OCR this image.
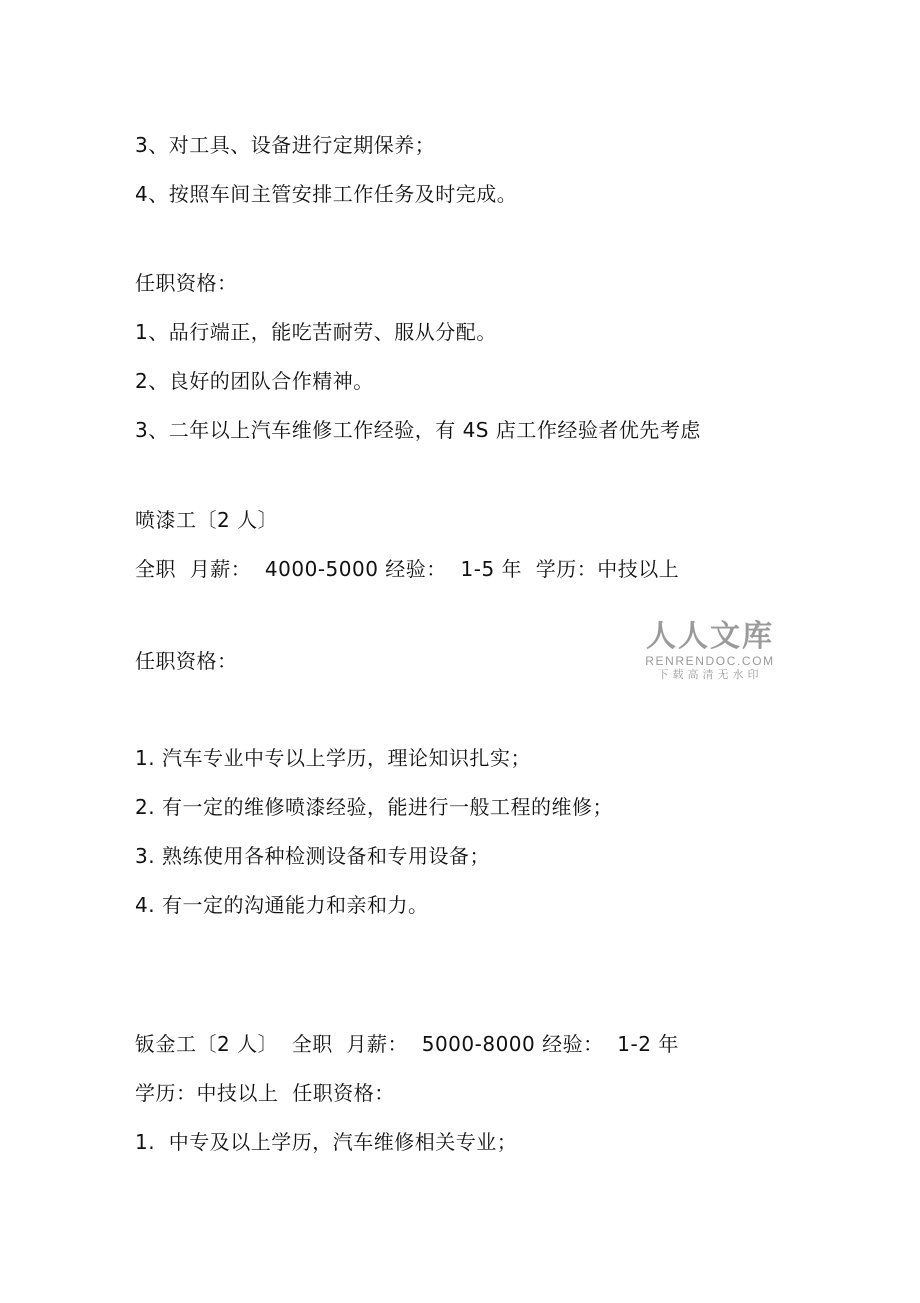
3、对工具、设备进行定期保养；
4、按照车间主管安排工作任务及时完成。
任职资格：
1、品行端正，能吃苦耐劳、服从分配。
2、良好的团队合作精神。
3、二年以上汽车维修工作经验，有 4S 店工作经验者优先考虑
喷漆工〔2 人〕
全职  月薪：  4000-5000 经验：  1-5 年  学历：中技以上
任职资格：
1. 汽车专业中专以上学历，理论知识扎实；
2. 有一定的维修喷漆经验，能进行一般工程的维修；
3. 熟练使用各种检测设备和专用设备；
4. 有一定的沟通能力和亲和力。
钣金工〔2 人〕  全职  月薪：  5000-8000 经验：  1-2 年
学历：中技以上  任职资格：
1.  中专及以上学历，汽车维修相关专业；
人人文库
RENRENDOC.COM
下载高清无水印
